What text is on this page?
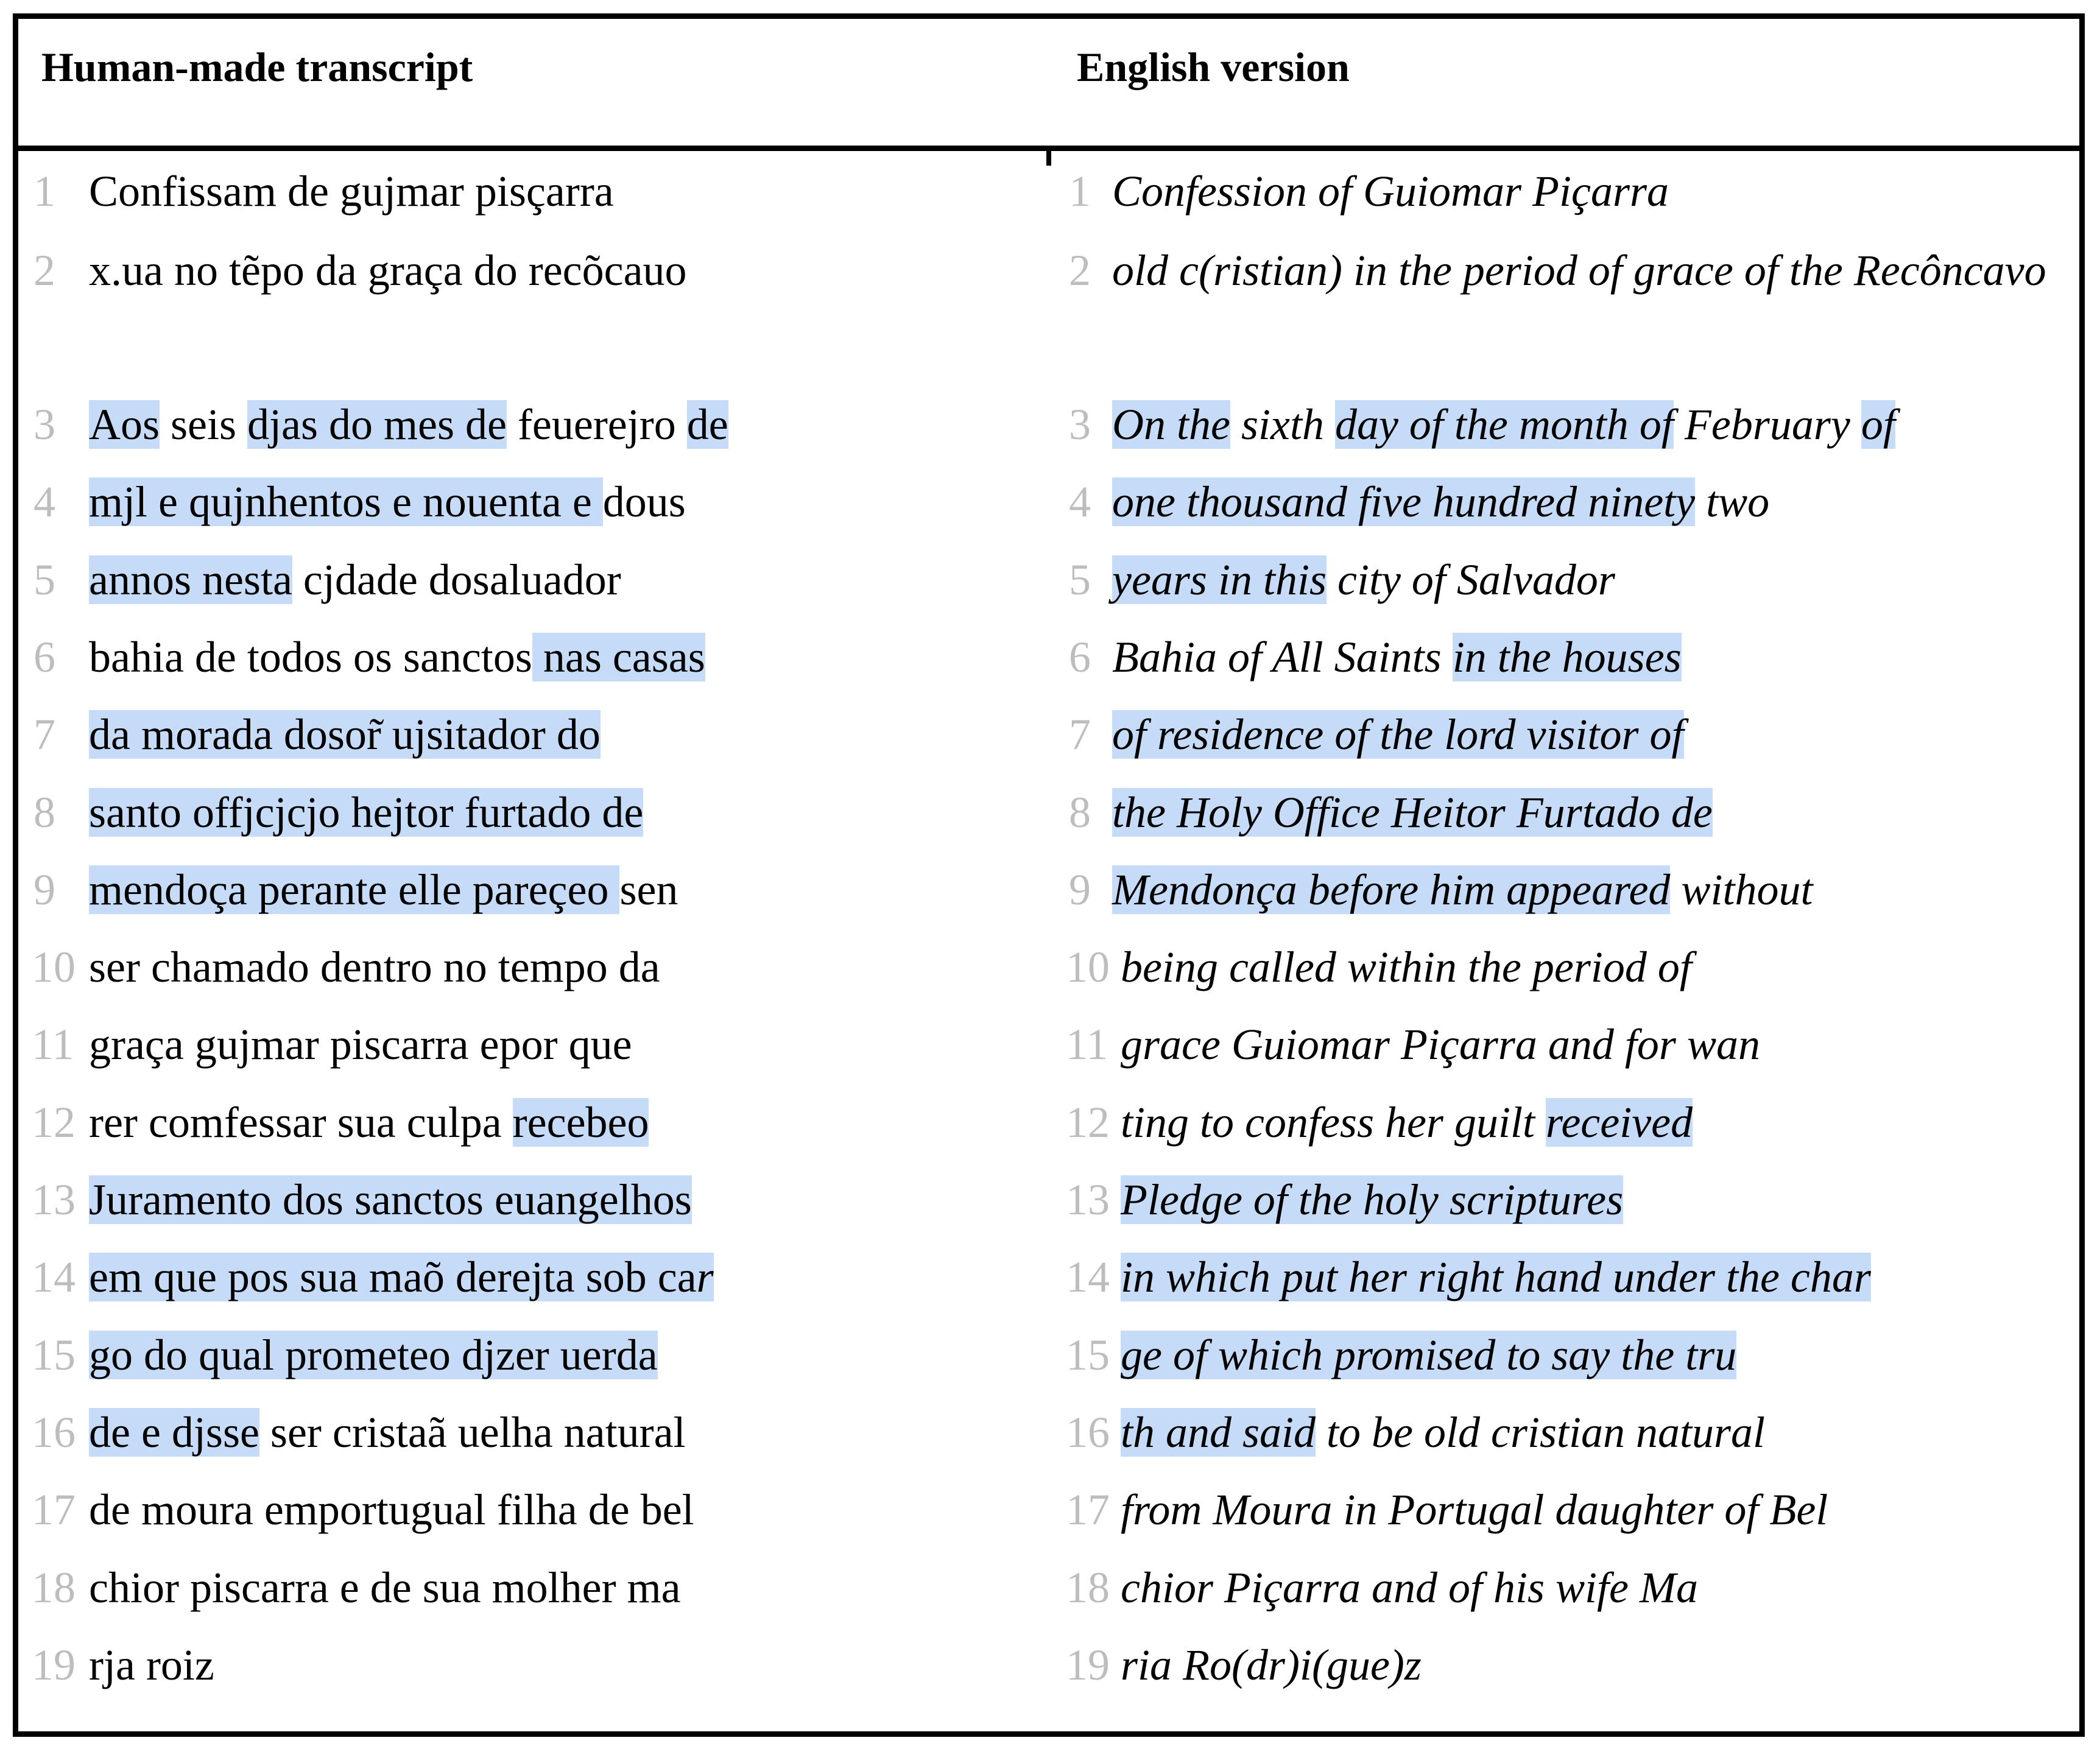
Human-made transcript	English version
1 Confissam de gujmar pisçarra	1 Confession of Guiomar Piçarra
2 x.ua no tẽpo da graça do recõcauo	2 old c(ristian) in the period of grace of the Recôncavo
3 Aos seis djas do mes de feuerejro de	3 On the sixth day of the month of February of
4 mjl e qujnhentos e nouenta e dous	4 one thousand five hundred ninety two
5 annos nesta cjdade dosaluador	5 years in this city of Salvador
6 bahia de todos os sanctos nas casas	6 Bahia of All Saints in the houses
7 da morada dosor̃ ujsitador do	7 of residence of the lord visitor of
8 santo offjcjcjo hejtor furtado de	8 the Holy Office Heitor Furtado de
9 mendoça perante elle pareçeo sen	9 Mendonça before him appeared without
10 ser chamado dentro no tempo da	10 being called within the period of
11 graça gujmar piscarra epor que	11 grace Guiomar Piçarra and for wan
12 rer comfessar sua culpa recebeo	12 ting to confess her guilt received
13 Juramento dos sanctos euangelhos	13 Pledge of the holy scriptures
14 em que pos sua maõ derejta sob car	14 in which put her right hand under the char
15 go do qual prometeo djzer uerda	15 ge of which promised to say the tru
16 de e djsse ser cristaã uelha natural	16 th and said to be old cristian natural
17 de moura emportugual filha de bel	17 from Moura in Portugal daughter of Bel
18 chior piscarra e de sua molher ma	18 chior Piçarra and of his wife Ma
19 rja roiz	19 ria Ro(dr)i(gue)z
